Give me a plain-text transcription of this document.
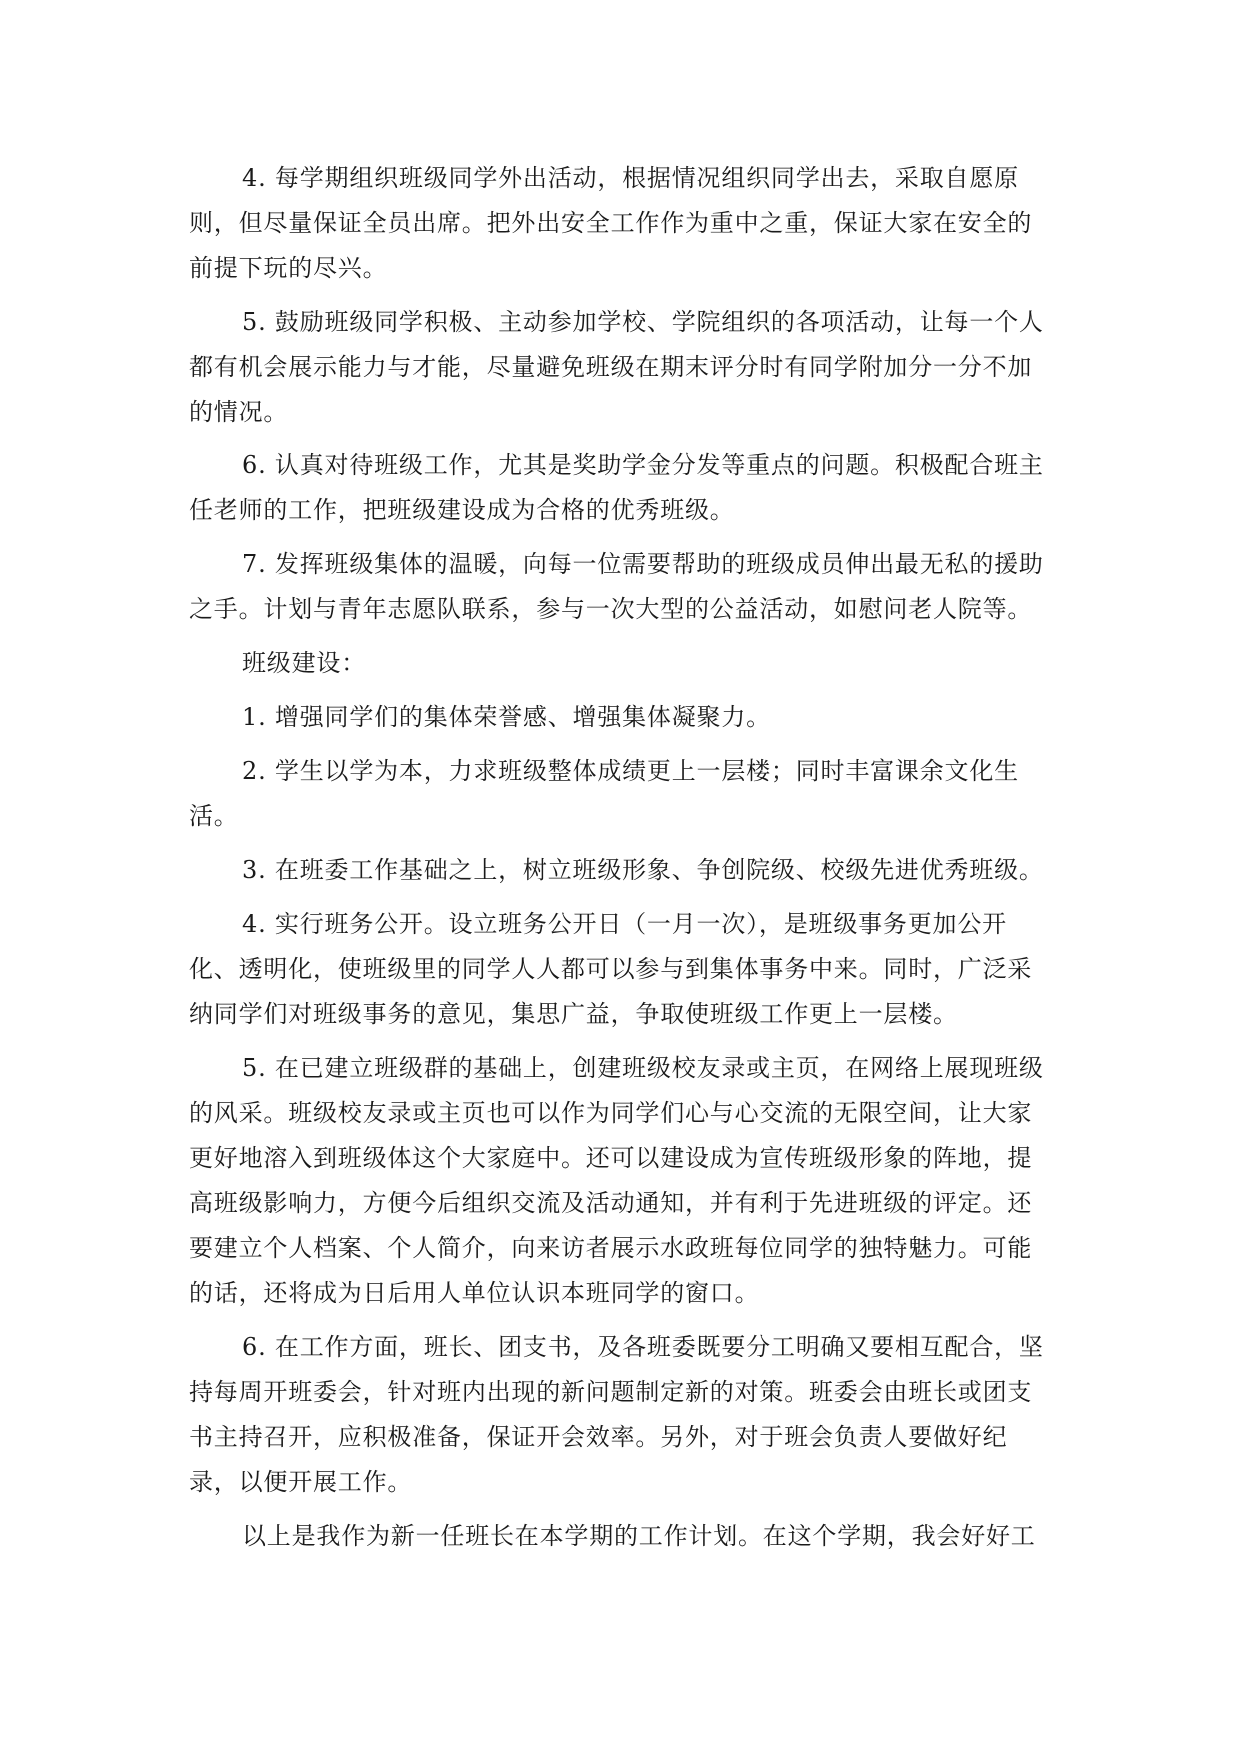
4. 每学期组织班级同学外出活动，根据情况组织同学出去，采取自愿原
则，但尽量保证全员出席。把外出安全工作作为重中之重，保证大家在安全的
前提下玩的尽兴。
5. 鼓励班级同学积极、主动参加学校、学院组织的各项活动，让每一个人
都有机会展示能力与才能，尽量避免班级在期末评分时有同学附加分一分不加
的情况。
6. 认真对待班级工作，尤其是奖助学金分发等重点的问题。积极配合班主
任老师的工作，把班级建设成为合格的优秀班级。
7. 发挥班级集体的温暖，向每一位需要帮助的班级成员伸出最无私的援助
之手。计划与青年志愿队联系，参与一次大型的公益活动，如慰问老人院等。
班级建设：
1. 增强同学们的集体荣誉感、增强集体凝聚力。
2. 学生以学为本，力求班级整体成绩更上一层楼；同时丰富课余文化生
活。
3. 在班委工作基础之上，树立班级形象、争创院级、校级先进优秀班级。
4. 实行班务公开。设立班务公开日（一月一次），是班级事务更加公开
化、透明化，使班级里的同学人人都可以参与到集体事务中来。同时，广泛采
纳同学们对班级事务的意见，集思广益，争取使班级工作更上一层楼。
5. 在已建立班级群的基础上，创建班级校友录或主页，在网络上展现班级
的风采。班级校友录或主页也可以作为同学们心与心交流的无限空间，让大家
更好地溶入到班级体这个大家庭中。还可以建设成为宣传班级形象的阵地，提
高班级影响力，方便今后组织交流及活动通知，并有利于先进班级的评定。还
要建立个人档案、个人简介，向来访者展示水政班每位同学的独特魅力。可能
的话，还将成为日后用人单位认识本班同学的窗口。
6. 在工作方面，班长、团支书，及各班委既要分工明确又要相互配合，坚
持每周开班委会，针对班内出现的新问题制定新的对策。班委会由班长或团支
书主持召开，应积极准备，保证开会效率。另外，对于班会负责人要做好纪
录，以便开展工作。
以上是我作为新一任班长在本学期的工作计划。在这个学期，我会好好工
